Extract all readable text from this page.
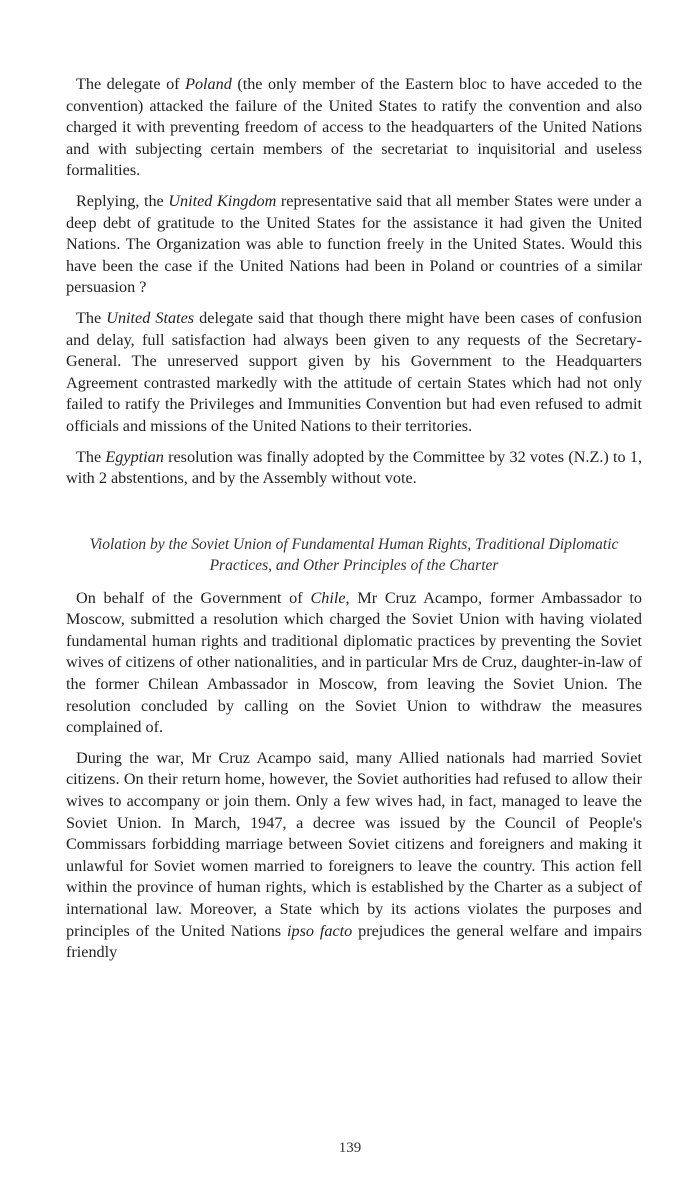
The delegate of Poland (the only member of the Eastern bloc to have acceded to the convention) attacked the failure of the United States to ratify the convention and also charged it with preventing freedom of access to the headquarters of the United Nations and with subjecting certain members of the secretariat to inquisitorial and useless formalities.

Replying, the United Kingdom representative said that all member States were under a deep debt of gratitude to the United States for the assistance it had given the United Nations. The Organization was able to function freely in the United States. Would this have been the case if the United Nations had been in Poland or countries of a similar persuasion ?

The United States delegate said that though there might have been cases of confusion and delay, full satisfaction had always been given to any requests of the Secretary-General. The unreserved support given by his Government to the Headquarters Agreement contrasted markedly with the attitude of certain States which had not only failed to ratify the Privileges and Immunities Convention but had even refused to admit officials and missions of the United Nations to their territories.

The Egyptian resolution was finally adopted by the Committee by 32 votes (N.Z.) to 1, with 2 abstentions, and by the Assembly without vote.

Violation by the Soviet Union of Fundamental Human Rights, Traditional Diplomatic Practices, and Other Principles of the Charter

On behalf of the Government of Chile, Mr Cruz Acampo, former Ambassador to Moscow, submitted a resolution which charged the Soviet Union with having violated fundamental human rights and traditional diplomatic practices by preventing the Soviet wives of citizens of other nationalities, and in particular Mrs de Cruz, daughter-in-law of the former Chilean Ambassador in Moscow, from leaving the Soviet Union. The resolution concluded by calling on the Soviet Union to withdraw the measures complained of.

During the war, Mr Cruz Acampo said, many Allied nationals had married Soviet citizens. On their return home, however, the Soviet authorities had refused to allow their wives to accompany or join them. Only a few wives had, in fact, managed to leave the Soviet Union. In March, 1947, a decree was issued by the Council of People's Commissars forbidding marriage between Soviet citizens and foreigners and making it unlawful for Soviet women married to foreigners to leave the country. This action fell within the province of human rights, which is established by the Charter as a subject of international law. Moreover, a State which by its actions violates the purposes and principles of the United Nations ipso facto prejudices the general welfare and impairs friendly

139
